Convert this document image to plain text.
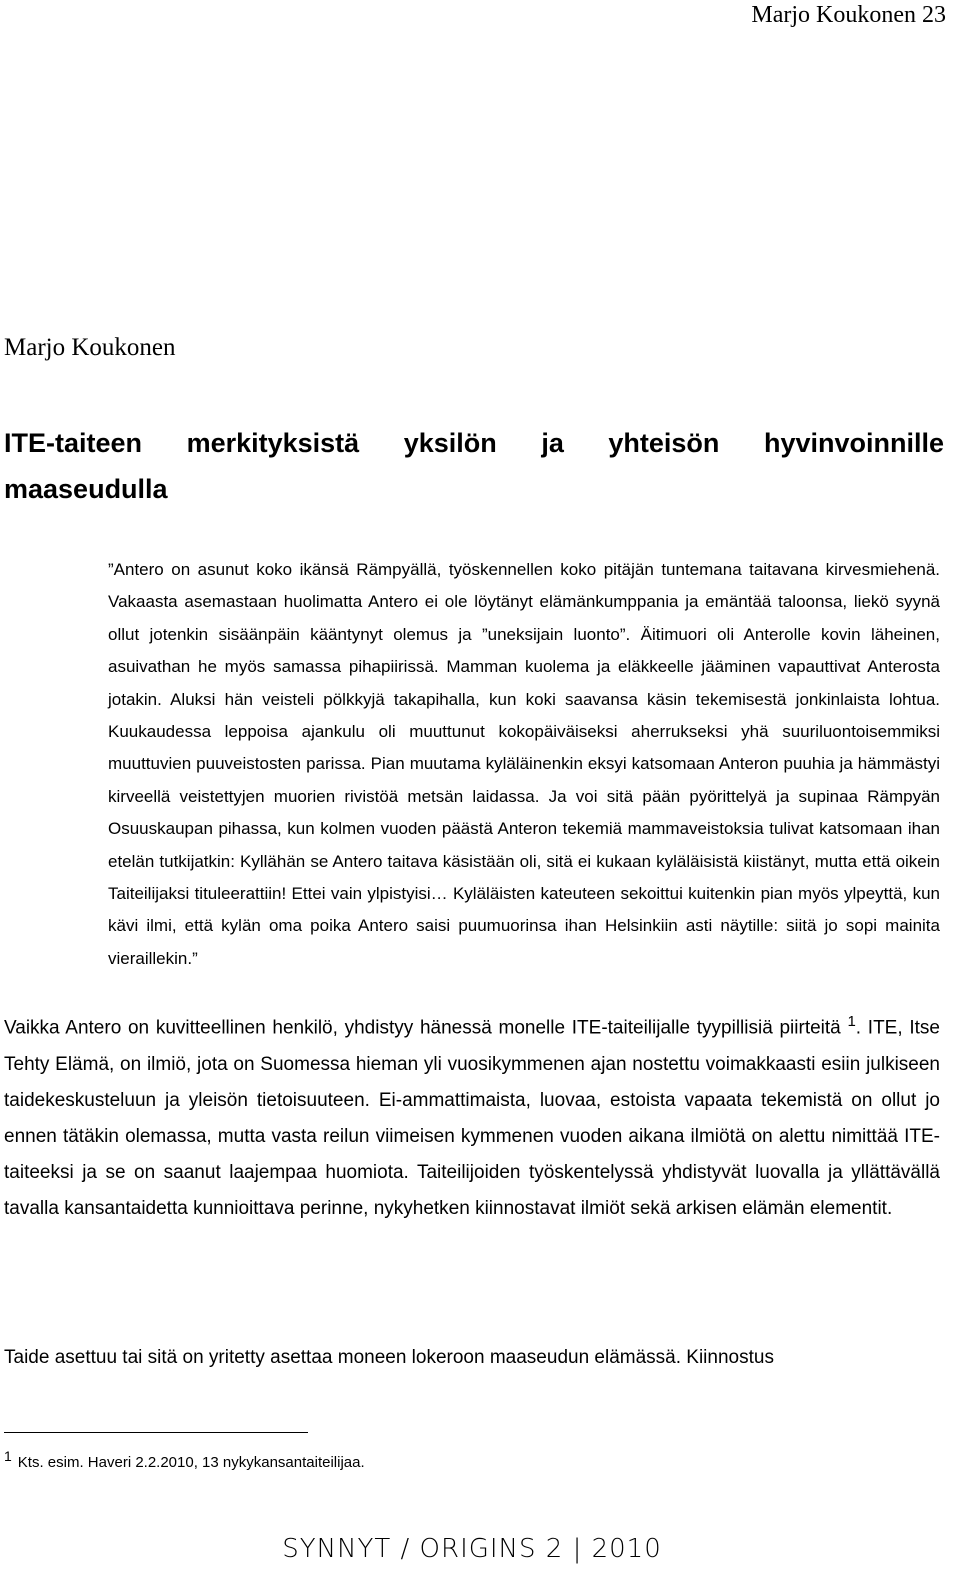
Marjo Koukonen 23
Marjo Koukonen
ITE-taiteen merkityksistä yksilön ja yhteisön hyvinvoinnille maaseudulla

”Antero on asunut koko ikänsä Rämpyällä, työskennellen koko pitäjän tuntemana taitavana kirvesmiehenä. Vakaasta asemastaan huolimatta Antero ei ole löytänyt elämänkumppania ja emäntää taloonsa, liekö syynä ollut jotenkin sisäänpäin kääntynyt olemus ja ”uneksijain luonto”. Äitimuori oli Anterolle kovin läheinen, asuivathan he myös samassa pihapiirissä. Mamman kuolema ja eläkkeelle jääminen vapauttivat Anterosta jotakin. Aluksi hän veisteli pölkkyjä takapihalla, kun koki saavansa käsin tekemisestä jonkinlaista lohtua. Kuukaudessa leppoisa ajankulu oli muuttunut kokopäiväiseksi aherrukseksi yhä suuriluontoisemmiksi muuttuvien puuveistosten parissa. Pian muutama kyläläinenkin eksyi katsomaan Anteron puuhia ja hämmästyi kirveellä veistettyjen muorien rivistöä metsän laidassa. Ja voi sitä pään pyörittelyä ja supinaa Rämpyän Osuuskaupan pihassa, kun kolmen vuoden päästä Anteron tekemiä mammaveistoksia tulivat katsomaan ihan etelän tutkijatkin: Kyllähän se Antero taitava käsistään oli, sitä ei kukaan kyläläisistä kiistänyt, mutta että oikein Taiteilijaksi tituleerattiin! Ettei vain ylpistyisi… Kyläläisten kateuteen sekoittui kuitenkin pian myös ylpeyttä, kun kävi ilmi, että kylän oma poika Antero saisi puumuorinsa ihan Helsinkiin asti näytille: siitä jo sopi mainita vieraillekin.”

Vaikka Antero on kuvitteellinen henkilö, yhdistyy hänessä monelle ITE-taiteilijalle tyypillisiä piirteitä $^1$. ITE, Itse Tehty Elämä, on ilmiö, jota on Suomessa hieman yli vuosikymmenen ajan nostettu voimakkaasti esiin julkiseen taidekeskusteluun ja yleisön tietoisuuteen. Ei-ammattimaista, luovaa, estoista vapaata tekemistä on ollut jo ennen tätäkin olemassa, mutta vasta reilun viimeisen kymmenen vuoden aikana ilmiötä on alettu nimittää ITE-taiteeksi ja se on saanut laajempaa huomiota. Taiteilijoiden työskentelyssä yhdistyvät luovalla ja yllättävällä tavalla kansantaidetta kunnioittava perinne, nykyhetken kiinnostavat ilmiöt sekä arkisen elämän elementit.

Taide asettuu tai sitä on yritetty asettaa moneen lokeroon maaseudun elämässä. Kiinnostus

$^1$ Kts. esim. Haveri 2.2.2010, 13 nykykansantaiteilijaa.
SYNNYT / ORIGINS 2 | 2010
